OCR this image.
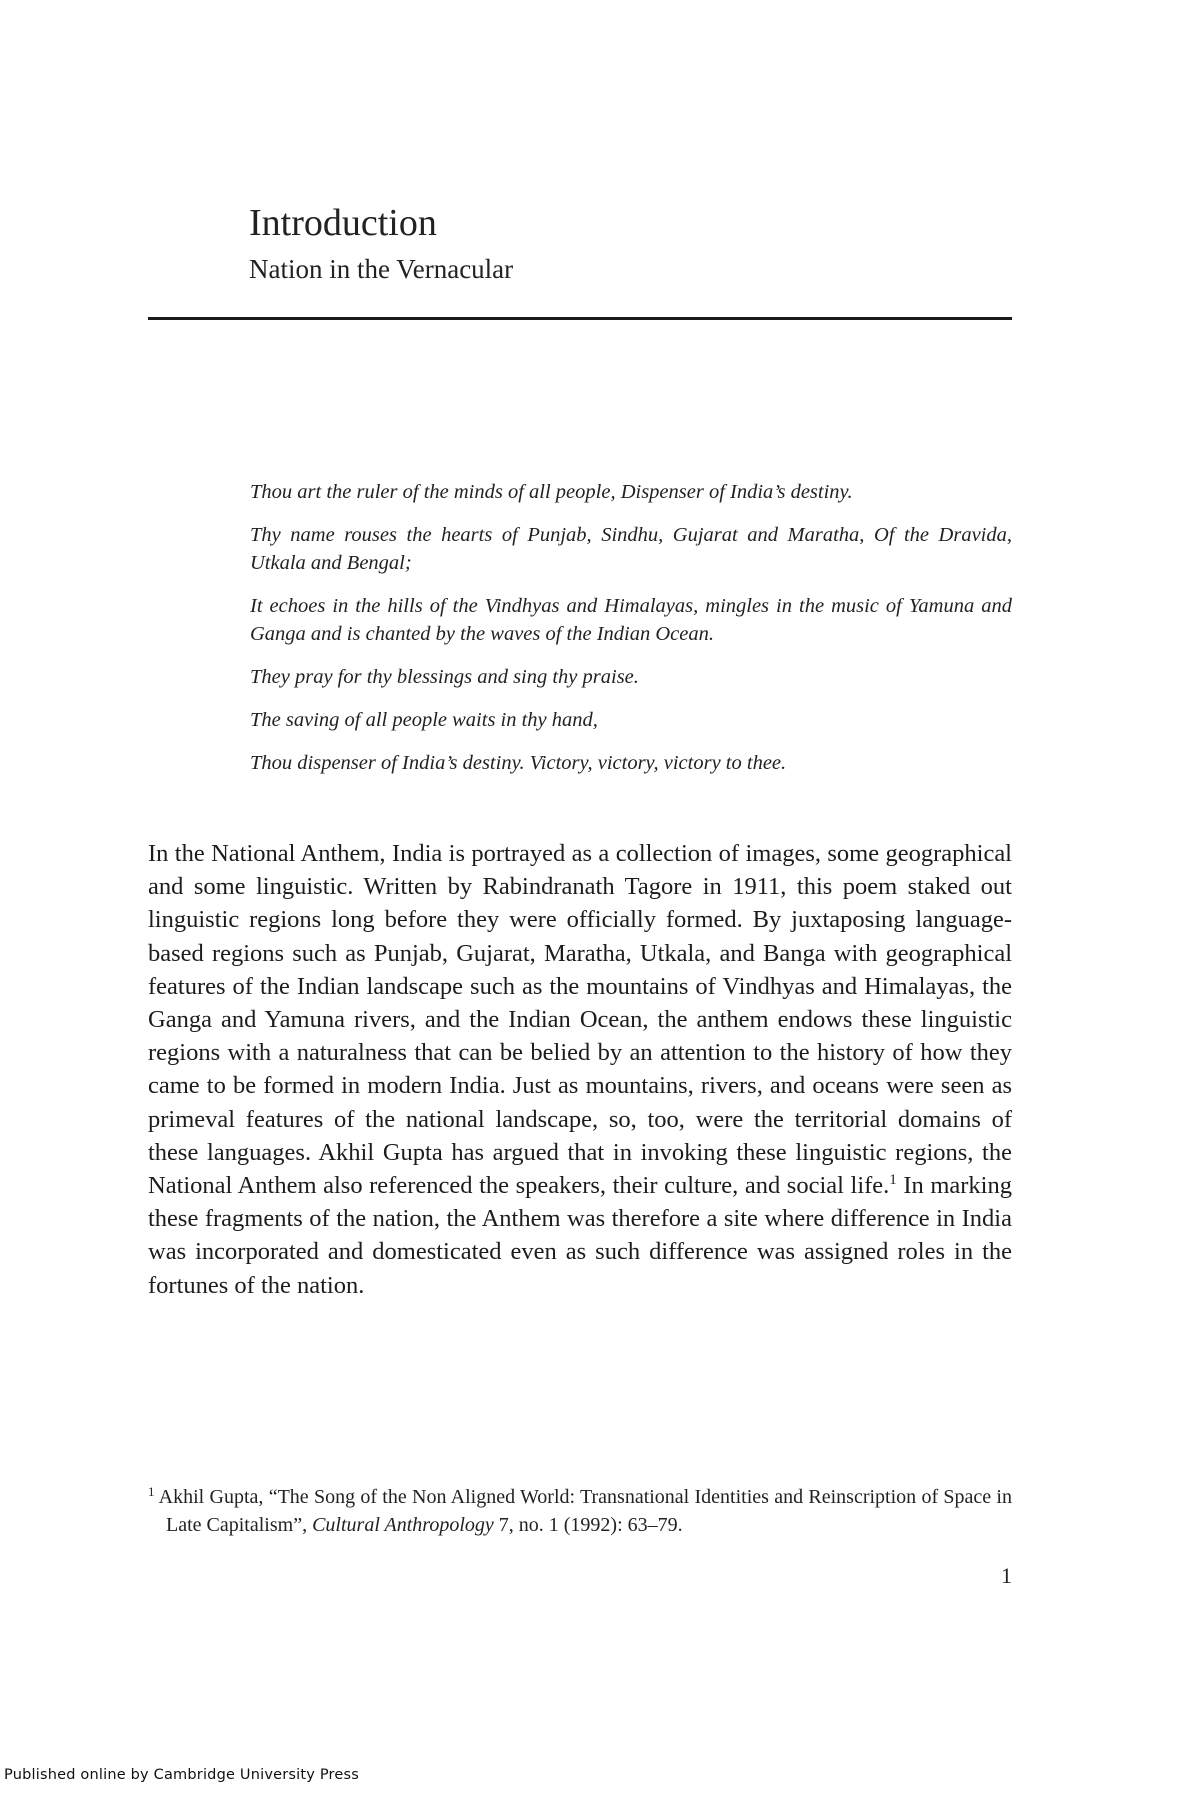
Introduction
Nation in the Vernacular

Thou art the ruler of the minds of all people, Dispenser of India’s destiny.

Thy name rouses the hearts of Punjab, Sindhu, Gujarat and Maratha, Of the Dravida, Utkala and Bengal;

It echoes in the hills of the Vindhyas and Himalayas, mingles in the music of Yamuna and Ganga and is chanted by the waves of the Indian Ocean.

They pray for thy blessings and sing thy praise.

The saving of all people waits in thy hand,

Thou dispenser of India’s destiny. Victory, victory, victory to thee.

In the National Anthem, India is portrayed as a collection of images, some geographical and some linguistic. Written by Rabindranath Tagore in 1911, this poem staked out linguistic regions long before they were officially formed. By juxtaposing language-based regions such as Punjab, Gujarat, Maratha, Utkala, and Banga with geographical features of the Indian landscape such as the mountains of Vindhyas and Himalayas, the Ganga and Yamuna rivers, and the Indian Ocean, the anthem endows these linguistic regions with a naturalness that can be belied by an attention to the history of how they came to be formed in modern India. Just as mountains, rivers, and oceans were seen as primeval features of the national landscape, so, too, were the territorial domains of these languages. Akhil Gupta has argued that in invoking these linguistic regions, the National Anthem also referenced the speakers, their culture, and social life.$^1$ In marking these fragments of the nation, the Anthem was therefore a site where difference in India was incorporated and domesticated even as such difference was assigned roles in the fortunes of the nation.

$^1$ Akhil Gupta, “The Song of the Non Aligned World: Transnational Identities and Reinscription of Space in Late Capitalism”, Cultural Anthropology 7, no. 1 (1992): 63–79.

1
Published online by Cambridge University Press
